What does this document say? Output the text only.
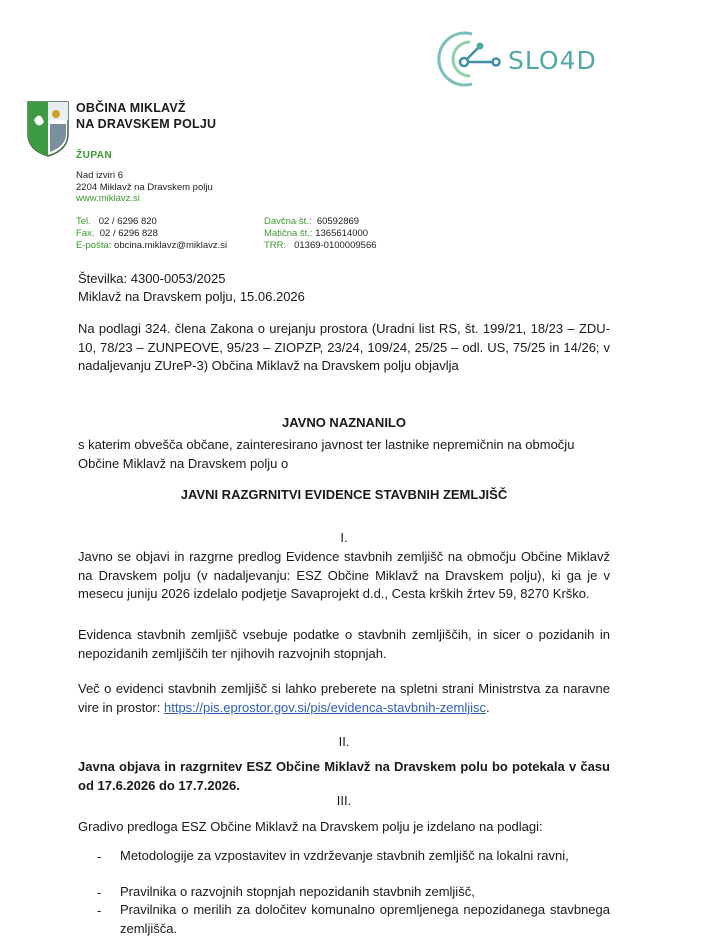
SLO4D
OBČINA MIKLAVŽ
NA DRAVSKEM POLJU
ŽUPAN
Nad izviri 6
2204 Miklavž na Dravskem polju
www.miklavz.si
Tel. 02 / 6296 820
Fax. 02 / 6296 828
E-pošta: obcina.miklavz@miklavz.si
Davčna št.: 60592869
Matična št.: 1365614000
TRR: 01369-0100009566
Številka: 4300-0053/2025
Miklavž na Dravskem polju, 15.06.2026
Na podlagi 324. člena Zakona o urejanju prostora (Uradni list RS, št. 199/21, 18/23 – ZDU-10, 78/23 – ZUNPEOVE, 95/23 – ZIOPZP, 23/24, 109/24, 25/25 – odl. US, 75/25 in 14/26; v nadaljevanju ZUreP-3) Občina Miklavž na Dravskem polju objavlja
JAVNO NAZNANILO
s katerim obvešča občane, zainteresirano javnost ter lastnike nepremičnin na območju Občine Miklavž na Dravskem polju o
JAVNI RAZGRNITVI EVIDENCE STAVBNIH ZEMLJIŠČ
I.
Javno se objavi in razgrne predlog Evidence stavbnih zemljišč na območju Občine Miklavž na Dravskem polju (v nadaljevanju: ESZ Občine Miklavž na Dravskem polju), ki ga je v mesecu juniju 2026 izdelalo podjetje Savaprojekt d.d., Cesta krških žrtev 59, 8270 Krško.
Evidenca stavbnih zemljišč vsebuje podatke o stavbnih zemljiščih, in sicer o pozidanih in nepozidanih zemljiščih ter njihovih razvojnih stopnjah.
Več o evidenci stavbnih zemljišč si lahko preberete na spletni strani Ministrstva za naravne vire in prostor: https://pis.eprostor.gov.si/pis/evidenca-stavbnih-zemljisc.
II.
Javna objava in razgrnitev ESZ Občine Miklavž na Dravskem polu bo potekala v času od 17.6.2026 do 17.7.2026.
III.
Gradivo predloga ESZ Občine Miklavž na Dravskem polju je izdelano na podlagi:
- Metodologije za vzpostavitev in vzdrževanje stavbnih zemljišč na lokalni ravni,
- Pravilnika o razvojnih stopnjah nepozidanih stavbnih zemljišč,
- Pravilnika o merilih za določitev komunalno opremljenega nepozidanega stavbnega zemljišča.
